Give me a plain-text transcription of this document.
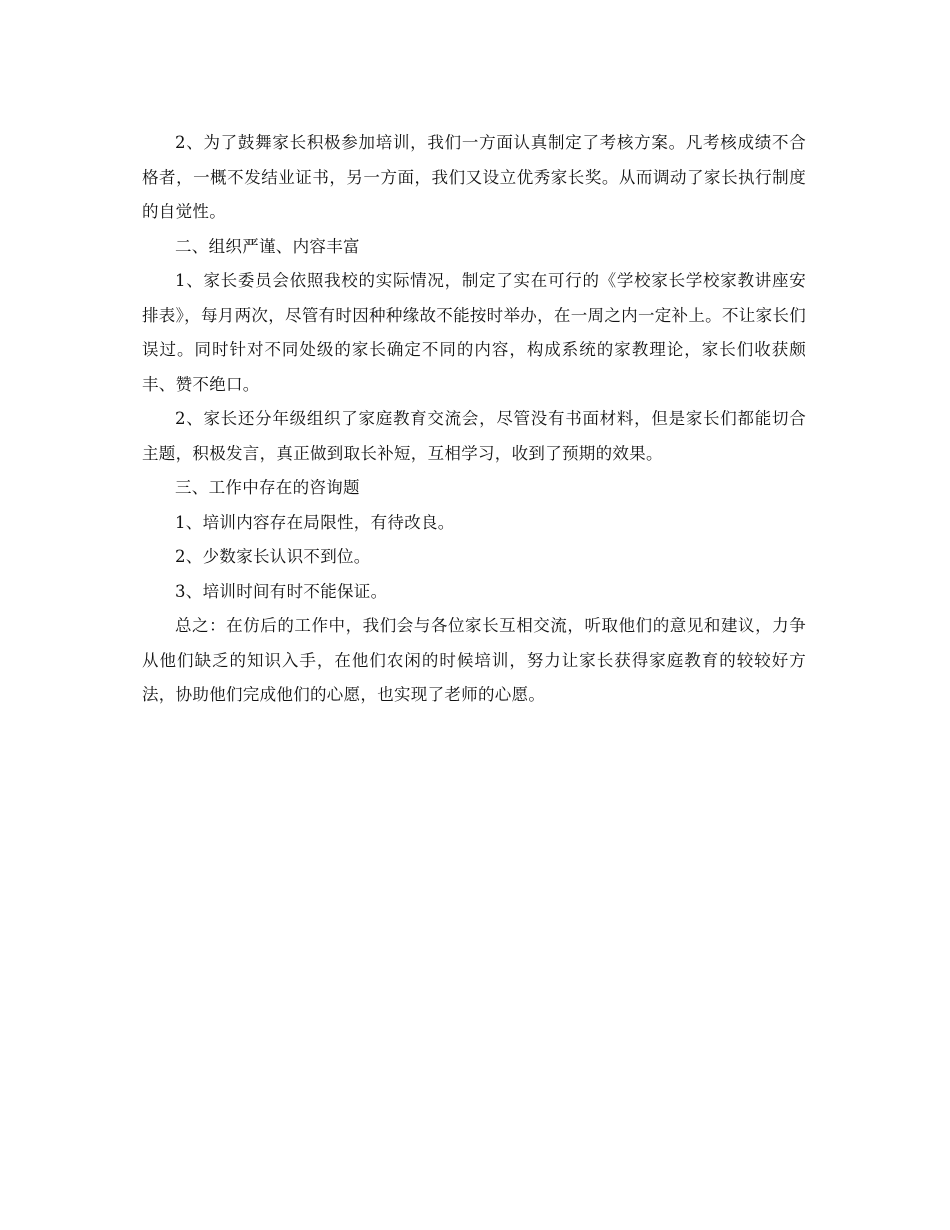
2、为了鼓舞家长积极参加培训，我们一方面认真制定了考核方案。凡考核成绩不合格者，一概不发结业证书，另一方面，我们又设立优秀家长奖。从而调动了家长执行制度的自觉性。

二、组织严谨、内容丰富

1、家长委员会依照我校的实际情况，制定了实在可行的《学校家长学校家教讲座安排表》，每月两次，尽管有时因种种缘故不能按时举办，在一周之内一定补上。不让家长们误过。同时针对不同处级的家长确定不同的内容，构成系统的家教理论，家长们收获颇丰、赞不绝口。

2、家长还分年级组织了家庭教育交流会，尽管没有书面材料，但是家长们都能切合主题，积极发言，真正做到取长补短，互相学习，收到了预期的效果。

三、工作中存在的咨询题

1、培训内容存在局限性，有待改良。

2、少数家长认识不到位。

3、培训时间有时不能保证。

总之：在仿后的工作中，我们会与各位家长互相交流，听取他们的意见和建议，力争从他们缺乏的知识入手，在他们农闲的时候培训，努力让家长获得家庭教育的较较好方法，协助他们完成他们的心愿，也实现了老师的心愿。
